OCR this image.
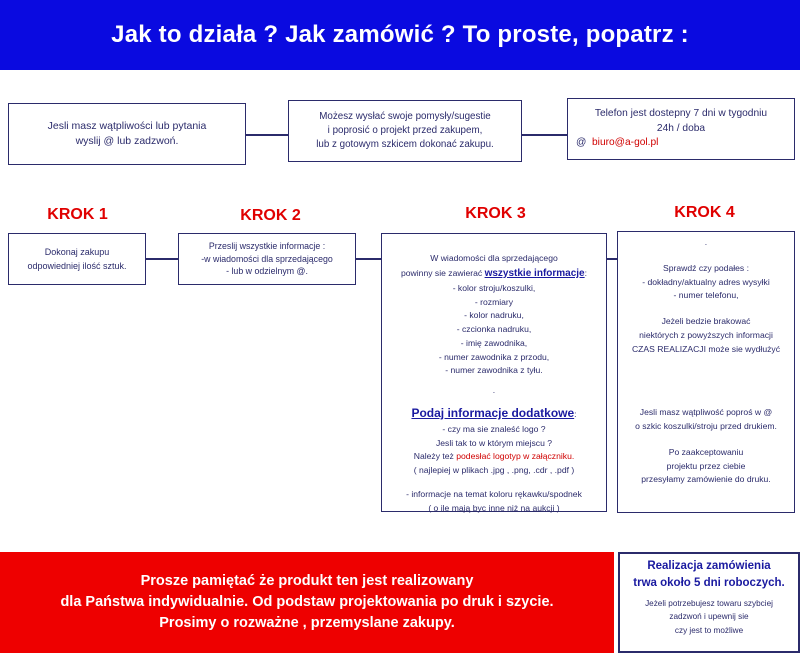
Jak to działa ? Jak zamówić ? To proste, popatrz :
Jesli masz wątpliwości lub pytania
wyslij @ lub zadzwoń.
Możesz wysłać swoje pomysły/sugestie
i poprosić o projekt przed zakupem,
lub z gotowym szkicem dokonać zakupu.
Telefon jest dostepny 7 dni w tygodniu
24h / doba
@ biuro@a-gol.pl
KROK 1	KROK 2	KROK 3	KROK 4
Dokonaj zakupu
odpowiedniej ilość sztuk.
Przeslij wszystkie informacje :
-w wiadomości dla sprzedającego
- lub w odzielnym @.
W wiadomości dla sprzedającego
powinny sie zawierać wszystkie informacje:
- kolor stroju/koszulki,
- rozmiary
- kolor nadruku,
- czcionka nadruku,
- imię zawodnika,
- numer zawodnika z przodu,
- numer zawodnika z tyłu.
.
Podaj informacje dodatkowe:
- czy ma sie znaleść logo ?
Jesli tak to w którym miejscu ?
Należy też podesłać logotyp w załączniku.
( najlepiej w plikach .jpg , .png, .cdr , .pdf )
- informacje na temat koloru rękawku/spodnek
( o ile mają byc inne niż na aukcji )
.
Sprawdź czy podałes :
- dokładny/aktualny adres wysyłki
- numer telefonu,
Jeżeli bedzie brakować
niektórych z powyższych informacji
CZAS REALIZACJI może sie wydłużyć
Jesli masz wątpliwość poproś w @
o szkic koszulki/stroju przed drukiem.
Po zaakceptowaniu
projektu przez ciebie
przesyłamy zamówienie do druku.
Prosze pamiętać że produkt ten jest realizowany
dla Państwa indywidualnie. Od podstaw projektowania po druk i szycie.
Prosimy o rozważne , przemyslane zakupy.
Realizacja zamówienia
trwa około 5 dni roboczych.
Jeżeli potrzebujesz towaru szybciej
zadzwoń i upewnij sie
czy jest to możliwe
